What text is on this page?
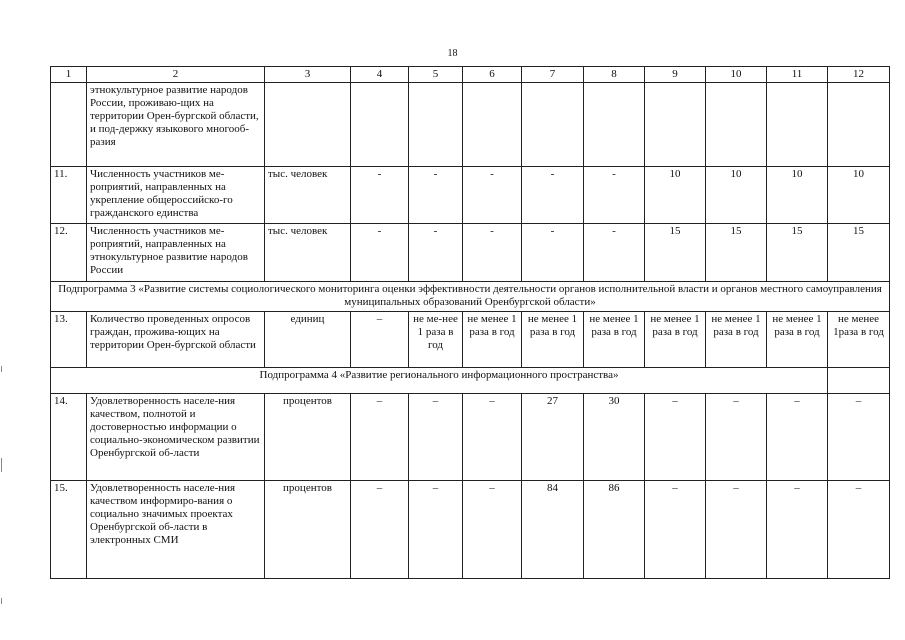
18
1	2	3	4	5	6	7	8	9	10	11	12
	этнокультурное развитие народов России, проживаю-щих на территории Орен-бургской области, и под-держку языкового многооб-разия										
11.	Численность участников ме-роприятий, направленных на укрепление общероссийско-го гражданского единства	тыс. человек	-	-	-	-	-	10	10	10	10
12.	Численность участников ме-роприятий, направленных на этнокультурное развитие народов России	тыс. человек	-	-	-	-	-	15	15	15	15
Подпрограмма 3 «Развитие системы социологического мониторинга оценки эффективности деятельности органов исполнительной власти и органов местного самоуправления муниципальных образований Оренбургской области»											
13.	Количество проведенных опросов граждан, прожива-ющих на территории Орен-бургской области	единиц	–	не ме-нее 1 раза в год	не менее 1 раза в год	не менее 1 раза в год	не менее 1 раза в год	не менее 1 раза в год	не менее 1 раза в год	не менее 1 раза в год	не менее 1раза в год
Подпрограмма 4 «Развитие регионального информационного пространства»											
14.	Удовлетворенность населе-ния качеством, полнотой и достоверностью информации о социально-экономическом развитии Оренбургской об-ласти	процентов	–	–	–	27	30	–	–	–	–
15.	Удовлетворенность населе-ния качеством информиро-вания о социально значимых проектах Оренбургской об-ласти в электронных СМИ	процентов	–	–	–	84	86	–	–	–	–
